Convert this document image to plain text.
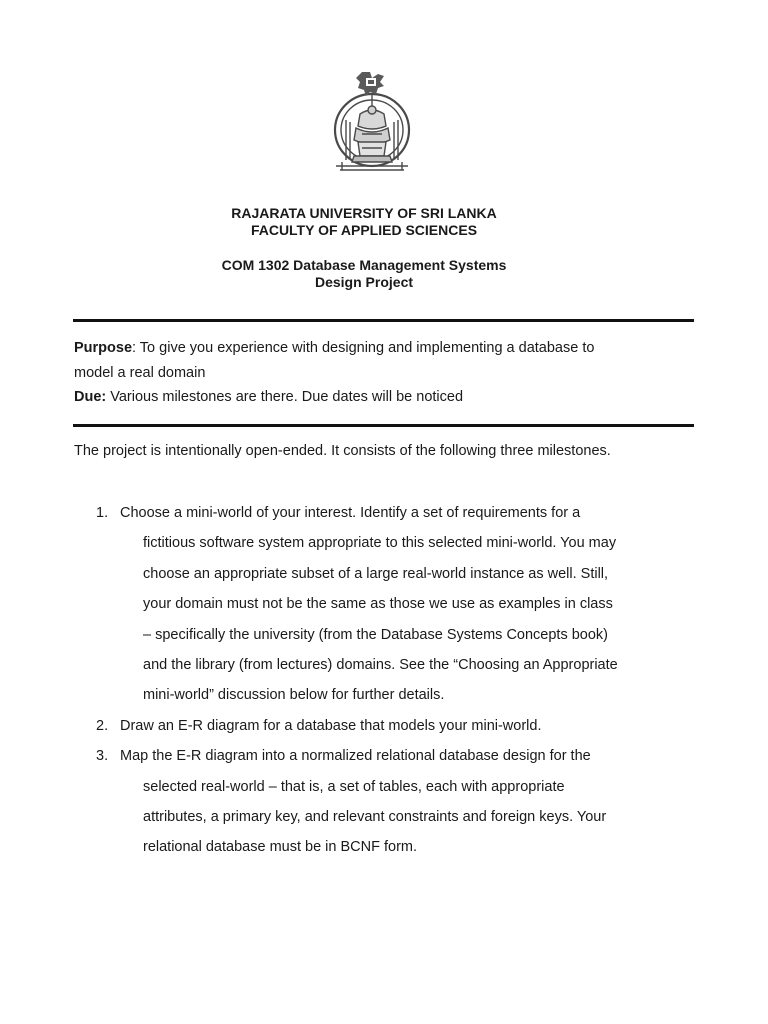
RAJARATA UNIVERSITY OF SRI LANKA
FACULTY OF APPLIED SCIENCES
COM 1302 Database Management Systems
Design Project
Purpose: To give you experience with designing and implementing a database to
model a real domain
Due: Various milestones are there. Due dates will be noticed
The project is intentionally open-ended. It consists of the following three milestones.
1. Choose a mini-world of your interest. Identify a set of requirements for a
fictitious software system appropriate to this selected mini-world. You may
choose an appropriate subset of a large real-world instance as well. Still,
your domain must not be the same as those we use as examples in class
– specifically the university (from the Database Systems Concepts book)
and the library (from lectures) domains. See the “Choosing an Appropriate
mini-world” discussion below for further details.
2. Draw an E-R diagram for a database that models your mini-world.
3. Map the E-R diagram into a normalized relational database design for the
selected real-world – that is, a set of tables, each with appropriate
attributes, a primary key, and relevant constraints and foreign keys. Your
relational database must be in BCNF form.
